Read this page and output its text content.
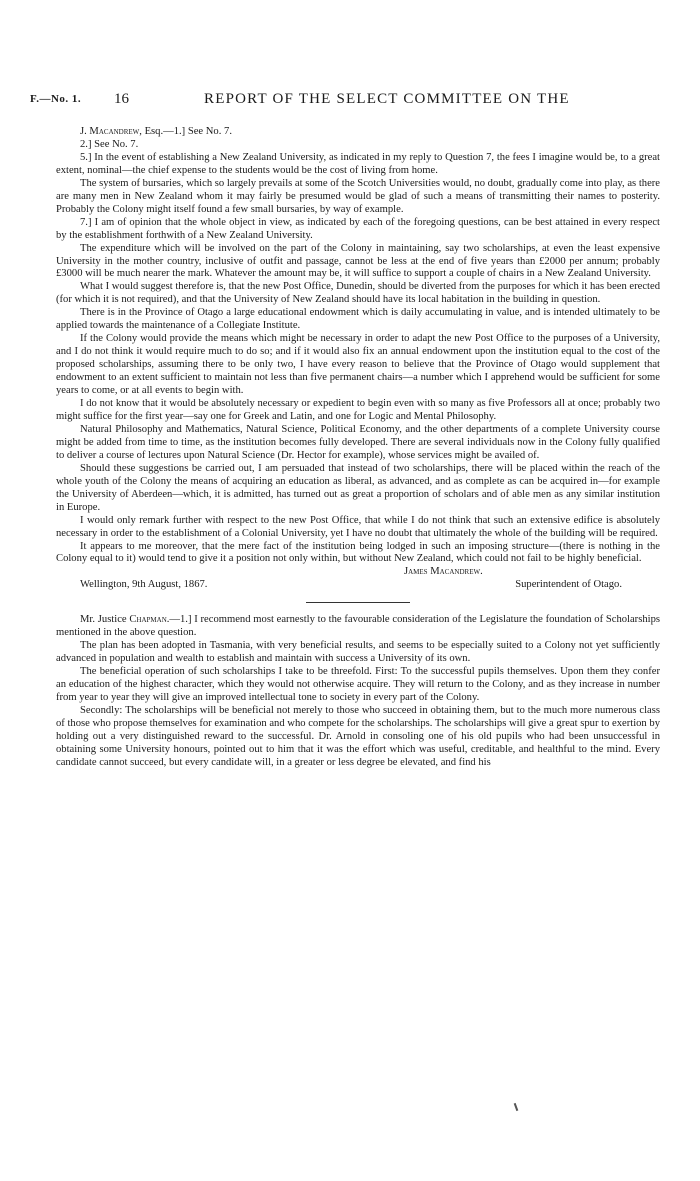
F.—No. 1. 16	REPORT OF THE SELECT COMMITTEE ON THE

J. Macandrew, Esq.—1.] See No. 7.

2.] See No. 7.

5.] In the event of establishing a New Zealand University, as indicated in my reply to Question 7, the fees I imagine would be, to a great extent, nominal—the chief expense to the students would be the cost of living from home.

The system of bursaries, which so largely prevails at some of the Scotch Universities would, no doubt, gradually come into play, as there are many men in New Zealand whom it may fairly be presumed would be glad of such a means of transmitting their names to posterity. Probably the Colony might itself found a few small bursaries, by way of example.

7.] I am of opinion that the whole object in view, as indicated by each of the foregoing questions, can be best attained in every respect by the establishment forthwith of a New Zealand University.

The expenditure which will be involved on the part of the Colony in maintaining, say two scholarships, at even the least expensive University in the mother country, inclusive of outfit and passage, cannot be less at the end of five years than £2000 per annum; probably £3000 will be much nearer the mark. Whatever the amount may be, it will suffice to support a couple of chairs in a New Zealand University.

What I would suggest therefore is, that the new Post Office, Dunedin, should be diverted from the purposes for which it has been erected (for which it is not required), and that the University of New Zealand should have its local habitation in the building in question.

There is in the Province of Otago a large educational endowment which is daily accumulating in value, and is intended ultimately to be applied towards the maintenance of a Collegiate Institute.

If the Colony would provide the means which might be necessary in order to adapt the new Post Office to the purposes of a University, and I do not think it would require much to do so; and if it would also fix an annual endowment upon the institution equal to the cost of the proposed scholarships, assuming there to be only two, I have every reason to believe that the Province of Otago would supplement that endowment to an extent sufficient to maintain not less than five permanent chairs—a number which I apprehend would be sufficient for some years to come, or at all events to begin with.

I do not know that it would be absolutely necessary or expedient to begin even with so many as five Professors all at once; probably two might suffice for the first year—say one for Greek and Latin, and one for Logic and Mental Philosophy.

Natural Philosophy and Mathematics, Natural Science, Political Economy, and the other departments of a complete University course might be added from time to time, as the institution becomes fully developed. There are several individuals now in the Colony fully qualified to deliver a course of lectures upon Natural Science (Dr. Hector for example), whose services might be availed of.

Should these suggestions be carried out, I am persuaded that instead of two scholarships, there will be placed within the reach of the whole youth of the Colony the means of acquiring an education as liberal, as advanced, and as complete as can be acquired in—for example the University of Aberdeen—which, it is admitted, has turned out as great a proportion of scholars and of able men as any similar institution in Europe.

I would only remark further with respect to the new Post Office, that while I do not think that such an extensive edifice is absolutely necessary in order to the establishment of a Colonial University, yet I have no doubt that ultimately the whole of the building will be required.

It appears to me moreover, that the mere fact of the institution being lodged in such an imposing structure—(there is nothing in the Colony equal to it) would tend to give it a position not only within, but without New Zealand, which could not fail to be highly beneficial.

James Macandrew.

Wellington, 9th August, 1867.	Superintendent of Otago.

Mr. Justice Chapman.—1.] I recommend most earnestly to the favourable consideration of the Legislature the foundation of Scholarships mentioned in the above question.

The plan has been adopted in Tasmania, with very beneficial results, and seems to be especially suited to a Colony not yet sufficiently advanced in population and wealth to establish and maintain with success a University of its own.

The beneficial operation of such scholarships I take to be threefold. First: To the successful pupils themselves. Upon them they confer an education of the highest character, which they would not otherwise acquire. They will return to the Colony, and as they increase in number from year to year they will give an improved intellectual tone to society in every part of the Colony.

Secondly: The scholarships will be beneficial not merely to those who succeed in obtaining them, but to the much more numerous class of those who propose themselves for examination and who compete for the scholarships. The scholarships will give a great spur to exertion by holding out a very distinguished reward to the successful. Dr. Arnold in consoling one of his old pupils who had been unsuccessful in obtaining some University honours, pointed out to him that it was the effort which was useful, creditable, and healthful to the mind. Every candidate cannot succeed, but every candidate will, in a greater or less degree be elevated, and find his
